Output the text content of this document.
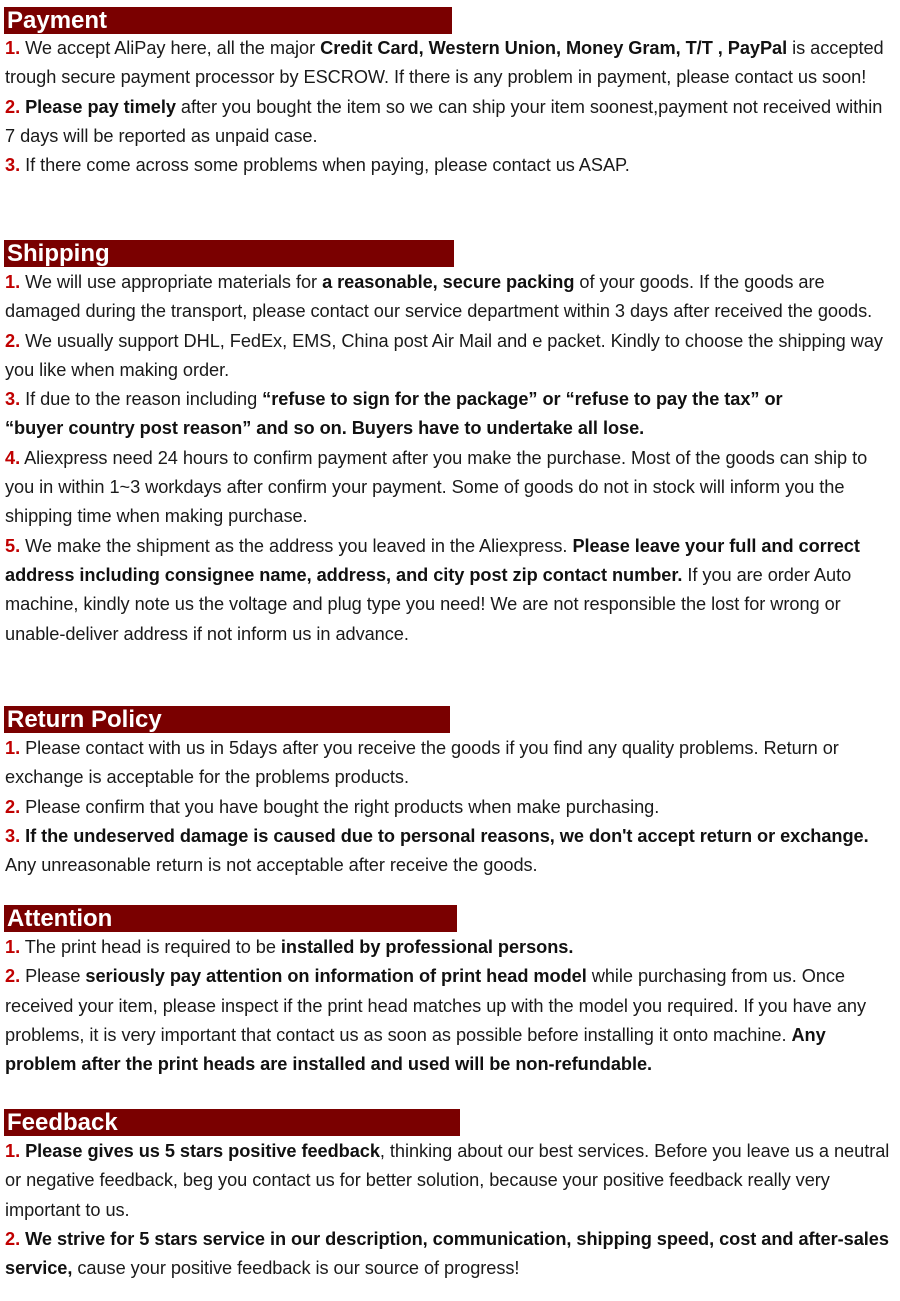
Payment

1. We accept AliPay here, all the major Credit Card, Western Union, Money Gram, T/T , PayPal is accepted trough secure payment processor by ESCROW. If there is any problem in payment, please contact us soon!

2. Please pay timely after you bought the item so we can ship your item soonest,payment not received within 7 days will be reported as unpaid case.

3. If there come across some problems when paying, please contact us ASAP.

Shipping

1. We will use appropriate materials for a reasonable, secure packing of your goods. If the goods are damaged during the transport, please contact our service department within 3 days after received the goods.

2. We usually support DHL, FedEx, EMS, China post Air Mail and e packet. Kindly to choose the shipping way you like when making order.

3. If due to the reason including “refuse to sign for the package” or “refuse to pay the tax” or “buyer country post reason” and so on. Buyers have to undertake all lose.

4. Aliexpress need 24 hours to confirm payment after you make the purchase. Most of the goods can ship to you in within 1~3 workdays after confirm your payment. Some of goods do not in stock will inform you the shipping time when making purchase.

5. We make the shipment as the address you leaved in the Aliexpress. Please leave your full and correct address including consignee name, address, and city post zip contact number. If you are order Auto machine, kindly note us the voltage and plug type you need! We are not responsible the lost for wrong or unable-deliver address if not inform us in advance.

Return Policy

1. Please contact with us in 5days after you receive the goods if you find any quality problems. Return or exchange is acceptable for the problems products.

2. Please confirm that you have bought the right products when make purchasing.

3. If the undeserved damage is caused due to personal reasons, we don't accept return or exchange. Any unreasonable return is not acceptable after receive the goods.

Attention

1. The print head is required to be installed by professional persons.

2. Please seriously pay attention on information of print head model while purchasing from us. Once received your item, please inspect if the print head matches up with the model you required. If you have any problems, it is very important that contact us as soon as possible before installing it onto machine. Any problem after the print heads are installed and used will be non-refundable.

Feedback

1. Please gives us 5 stars positive feedback, thinking about our best services. Before you leave us a neutral or negative feedback, beg you contact us for better solution, because your positive feedback really very important to us.

2. We strive for 5 stars service in our description, communication, shipping speed, cost and after-sales service, cause your positive feedback is our source of progress!
